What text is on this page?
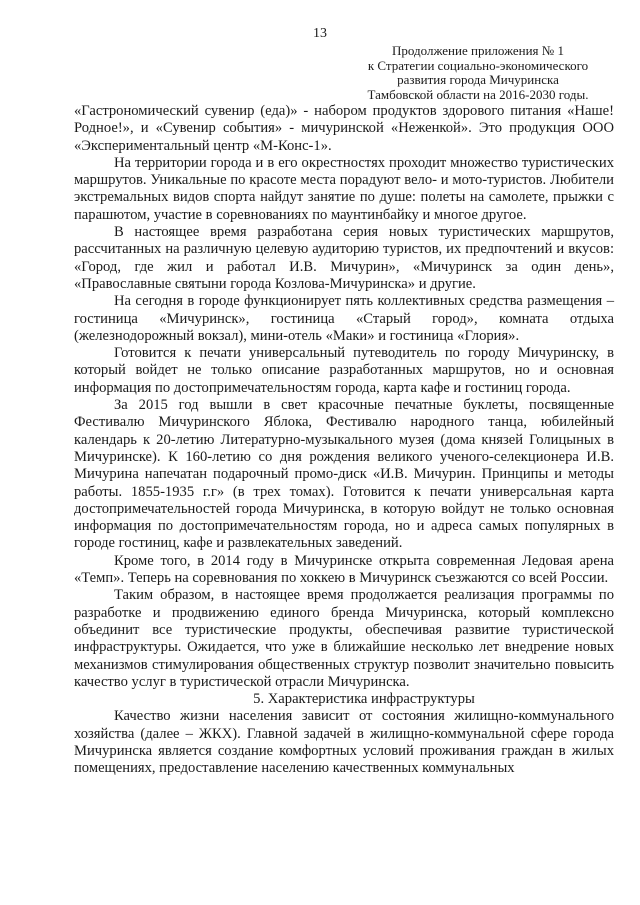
13
Продолжение приложения № 1
к Стратегии социально-экономического
развития города Мичуринска
Тамбовской области на 2016-2030 годы.

«Гастрономический сувенир (еда)» - набором продуктов здорового питания «Наше! Родное!», и «Сувенир события» - мичуринской «Неженкой». Это продукция ООО «Экспериментальный центр «М-Конс-1».

На территории города и в его окрестностях проходит множество туристических маршрутов. Уникальные по красоте места порадуют вело- и мото-туристов. Любители экстремальных видов спорта найдут занятие по душе: полеты на самолете, прыжки с парашютом, участие в соревнованиях по маунтинбайку и многое другое.

В настоящее время разработана серия новых туристических маршрутов, рассчитанных на различную целевую аудиторию туристов, их предпочтений и вкусов: «Город, где жил и работал И.В. Мичурин», «Мичуринск за один день», «Православные святыни города Козлова-Мичуринска» и другие.

На сегодня в городе функционирует пять коллективных средства размещения – гостиница «Мичуринск», гостиница «Старый город», комната отдыха (железнодорожный вокзал), мини-отель «Маки» и гостиница «Глория».

Готовится к печати универсальный путеводитель по городу Мичуринску, в который войдет не только описание разработанных маршрутов, но и основная информация по достопримечательностям города, карта кафе и гостиниц города.

За 2015 год вышли в свет красочные печатные буклеты, посвященные Фестивалю Мичуринского Яблока, Фестивалю народного танца, юбилейный календарь к 20-летию Литературно-музыкального музея (дома князей Голицыных в Мичуринске). К 160-летию со дня рождения великого ученого-селекционера И.В. Мичурина напечатан подарочный промо-диск «И.В. Мичурин. Принципы и методы работы. 1855-1935 г.г» (в трех томах). Готовится к печати универсальная карта достопримечательностей города Мичуринска, в которую войдут не только основная информация по достопримечательностям города, но и адреса самых популярных в городе гостиниц, кафе и развлекательных заведений.

Кроме того, в 2014 году в Мичуринске открыта современная Ледовая арена «Темп». Теперь на соревнования по хоккею в Мичуринск съезжаются со всей России.

Таким образом, в настоящее время продолжается реализация программы по разработке и продвижению единого бренда Мичуринска, который комплексно объединит все туристические продукты, обеспечивая развитие туристической инфраструктуры. Ожидается, что уже в ближайшие несколько лет внедрение новых механизмов стимулирования общественных структур позволит значительно повысить качество услуг в туристической отрасли Мичуринска.

5. Характеристика инфраструктуры

Качество жизни населения зависит от состояния жилищно-коммунального хозяйства (далее – ЖКХ). Главной задачей в жилищно-коммунальной сфере города Мичуринска является создание комфортных условий проживания граждан в жилых помещениях, предоставление населению качественных коммунальных
